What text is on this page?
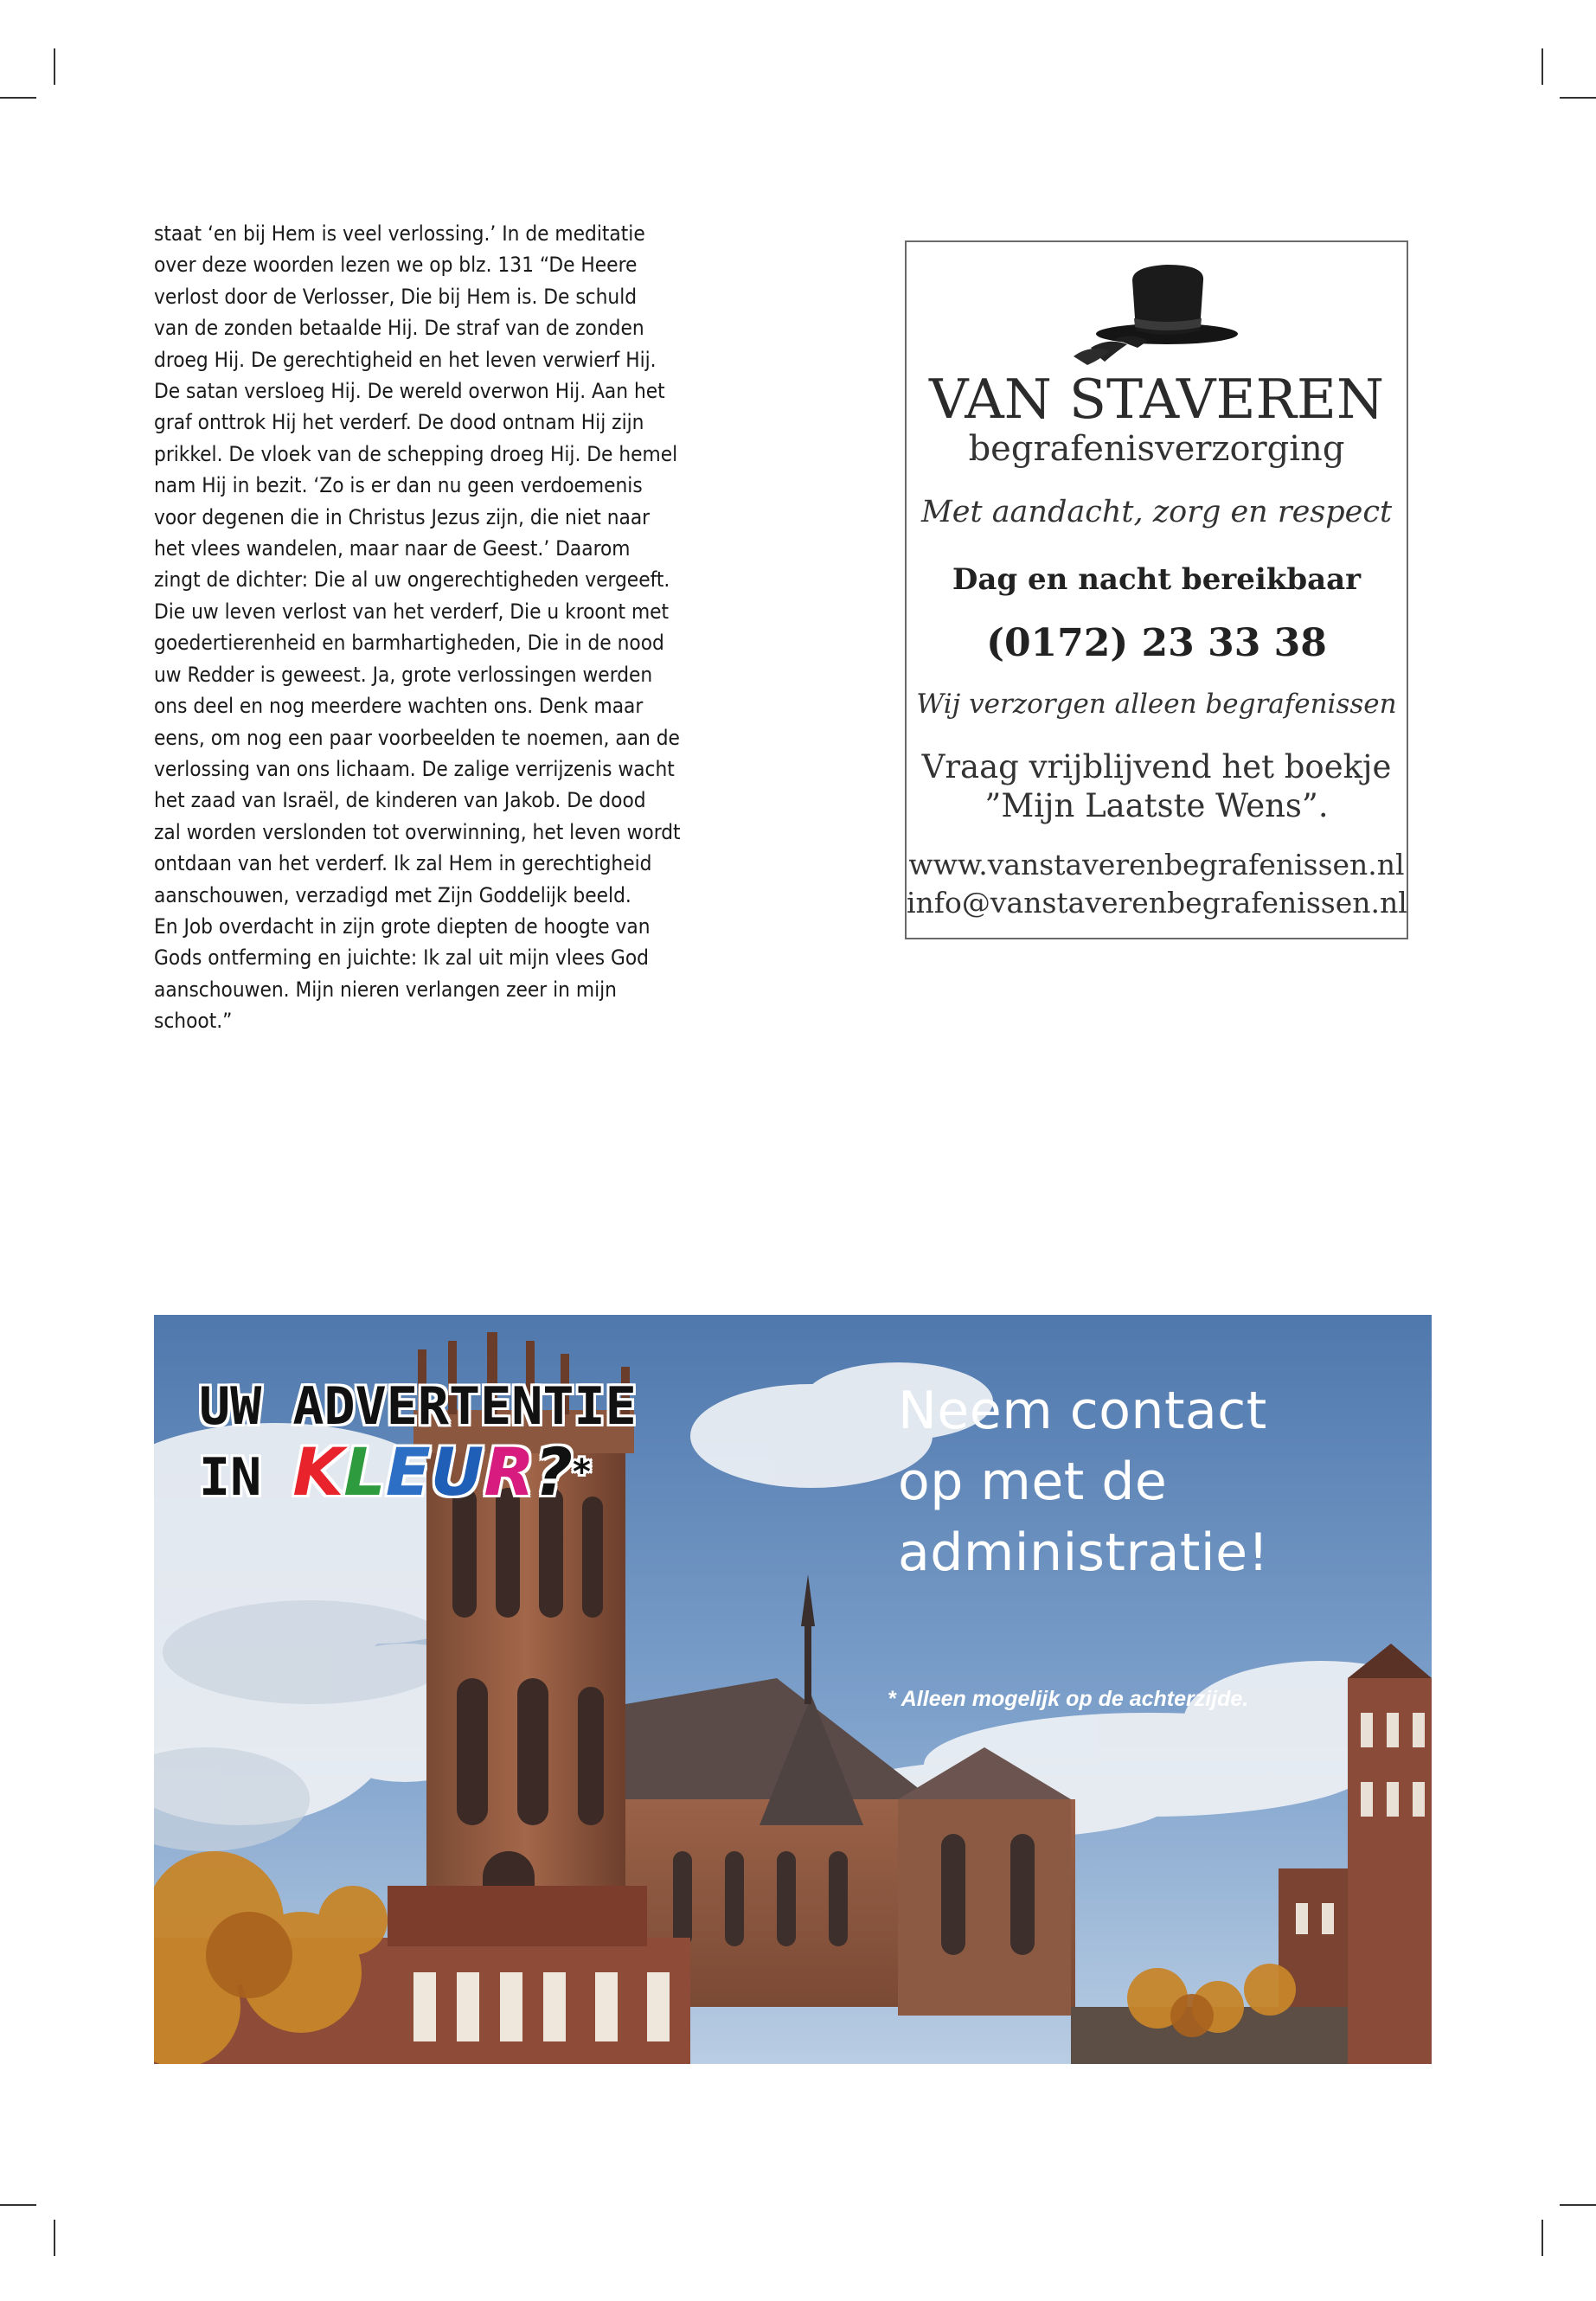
staat ‘en bij Hem is veel verlossing.’ In de meditatie
over deze woorden lezen we op blz. 131 “De Heere
verlost door de Verlosser, Die bij Hem is. De schuld
van de zonden betaalde Hij. De straf van de zonden
droeg Hij. De gerechtigheid en het leven verwierf Hij.
De satan versloeg Hij. De wereld overwon Hij. Aan het
graf onttrok Hij het verderf. De dood ontnam Hij zijn
prikkel. De vloek van de schepping droeg Hij. De hemel
nam Hij in bezit. ‘Zo is er dan nu geen verdoemenis
voor degenen die in Christus Jezus zijn, die niet naar
het vlees wandelen, maar naar de Geest.’ Daarom
zingt de dichter: Die al uw ongerechtigheden vergeeft.
Die uw leven verlost van het verderf, Die u kroont met
goedertierenheid en barmhartigheden, Die in de nood
uw Redder is geweest. Ja, grote verlossingen werden
ons deel en nog meerdere wachten ons. Denk maar
eens, om nog een paar voorbeelden te noemen, aan de
verlossing van ons lichaam. De zalige verrijzenis wacht
het zaad van Israël, de kinderen van Jakob. De dood
zal worden verslonden tot overwinning, het leven wordt
ontdaan van het verderf. Ik zal Hem in gerechtigheid
aanschouwen, verzadigd met Zijn Goddelijk beeld.
En Job overdacht in zijn grote diepten de hoogte van
Gods ontferming en juichte: Ik zal uit mijn vlees God
aanschouwen. Mijn nieren verlangen zeer in mijn
schoot.”
VAN STAVEREN
begrafenisverzorging
Met aandacht, zorg en respect
Dag en nacht bereikbaar
(0172) 23 33 38
Wij verzorgen alleen begrafenissen
Vraag vrijblijvend het boekje
”Mijn Laatste Wens”.
www.vanstaverenbegrafenissen.nl
info@vanstaverenbegrafenissen.nl
UW ADVERTENTIE
IN KLEUR?*
Neem contact
op met de
administratie!
* Alleen mogelijk op de achterzijde.
